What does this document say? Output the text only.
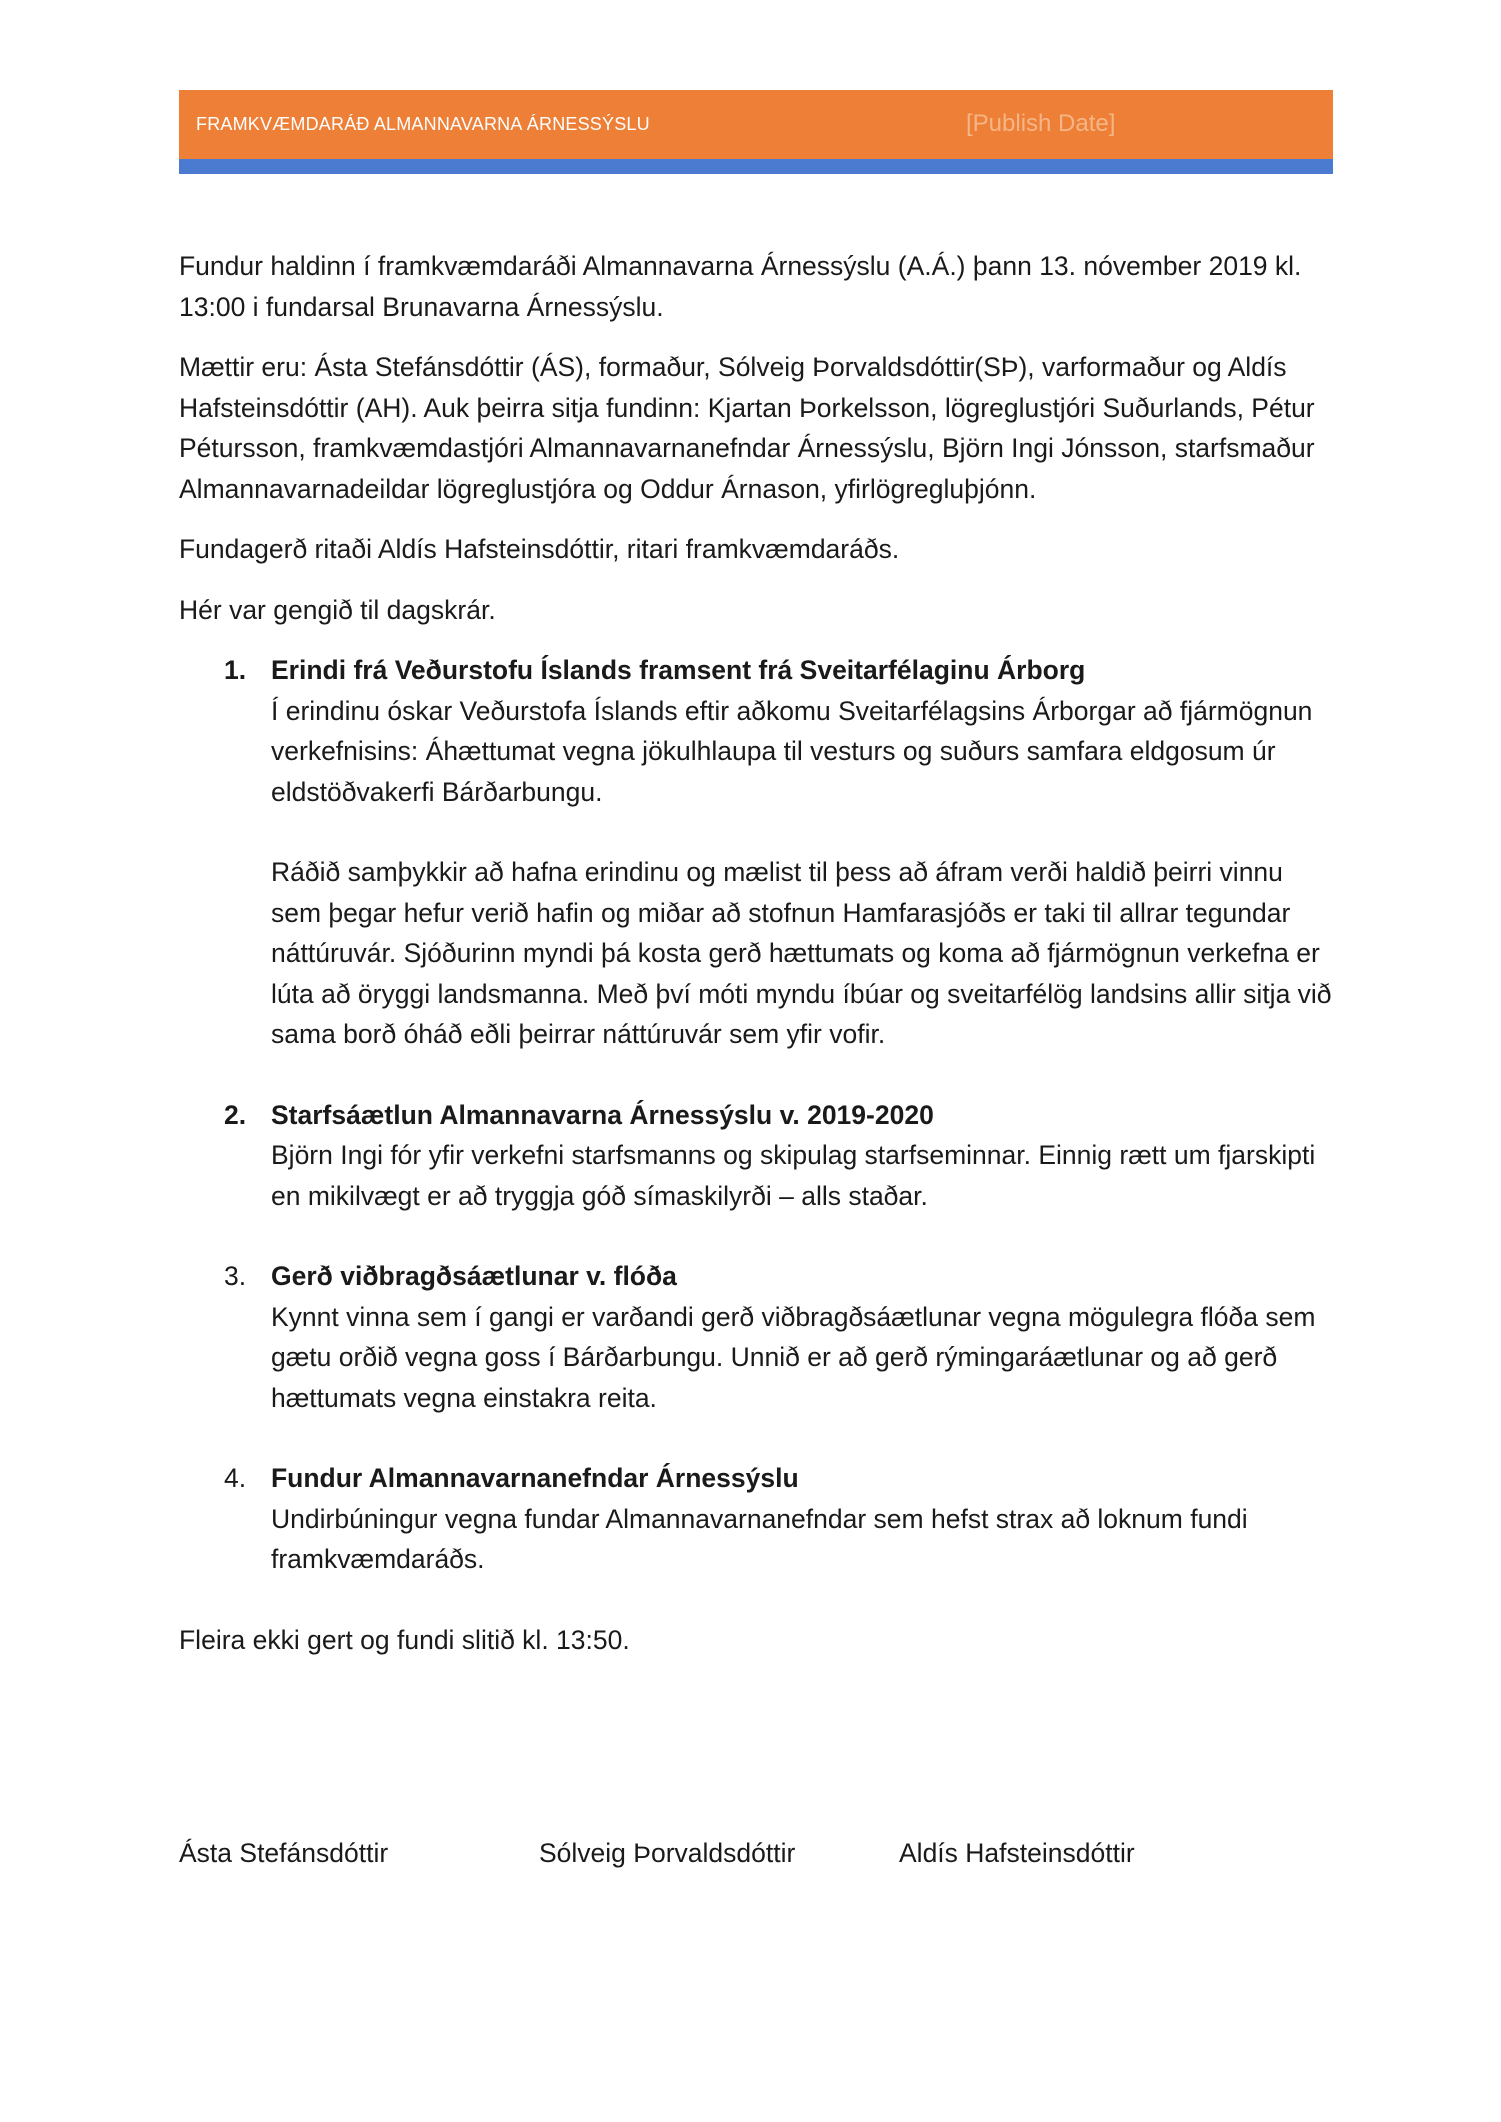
FRAMKVÆMDARÁÐ ALMANNAVARNA ÁRNESSÝSLU	[Publish Date]

Fundur haldinn í framkvæmdaráði Almannavarna Árnessýslu (A.Á.) þann 13. nóvember 2019 kl. 13:00 i fundarsal Brunavarna Árnessýslu.

Mættir eru: Ásta Stefánsdóttir (ÁS), formaður, Sólveig Þorvaldsdóttir(SÞ), varformaður og Aldís Hafsteinsdóttir (AH). Auk þeirra sitja fundinn: Kjartan Þorkelsson, lögreglustjóri Suðurlands, Pétur Pétursson, framkvæmdastjóri Almannavarnanefndar Árnessýslu, Björn Ingi Jónsson, starfsmaður Almannavarnadeildar lögreglustjóra og Oddur Árnason, yfirlögregluþjónn.

Fundagerð ritaði Aldís Hafsteinsdóttir, ritari framkvæmdaráðs.

Hér var gengið til dagskrár.

1. Erindi frá Veðurstofu Íslands framsent frá Sveitarfélaginu Árborg
Í erindinu óskar Veðurstofa Íslands eftir aðkomu Sveitarfélagsins Árborgar að fjármögnun verkefnisins: Áhættumat vegna jökulhlaupa til vesturs og suðurs samfara eldgosum úr eldstöðvakerfi Bárðarbungu.
Ráðið samþykkir að hafna erindinu og mælist til þess að áfram verði haldið þeirri vinnu sem þegar hefur verið hafin og miðar að stofnun Hamfarasjóðs er taki til allrar tegundar náttúruvár. Sjóðurinn myndi þá kosta gerð hættumats og koma að fjármögnun verkefna er lúta að öryggi landsmanna. Með því móti myndu íbúar og sveitarfélög landsins allir sitja við sama borð óháð eðli þeirrar náttúruvár sem yfir vofir.
2. Starfsáætlun Almannavarna Árnessýslu v. 2019-2020
Björn Ingi fór yfir verkefni starfsmanns og skipulag starfseminnar. Einnig rætt um fjarskipti en mikilvægt er að tryggja góð símaskilyrði – alls staðar.
3. Gerð viðbragðsáætlunar v. flóða
Kynnt vinna sem í gangi er varðandi gerð viðbragðsáætlunar vegna mögulegra flóða sem gætu orðið vegna goss í Bárðarbungu. Unnið er að gerð rýmingaráætlunar og að gerð hættumats vegna einstakra reita.
4. Fundur Almannavarnanefndar Árnessýslu
Undirbúningur vegna fundar Almannavarnanefndar sem hefst strax að loknum fundi framkvæmdaráðs.

Fleira ekki gert og fundi slitið kl. 13:50.

Ásta Stefánsdóttir	Sólveig Þorvaldsdóttir	Aldís Hafsteinsdóttir
